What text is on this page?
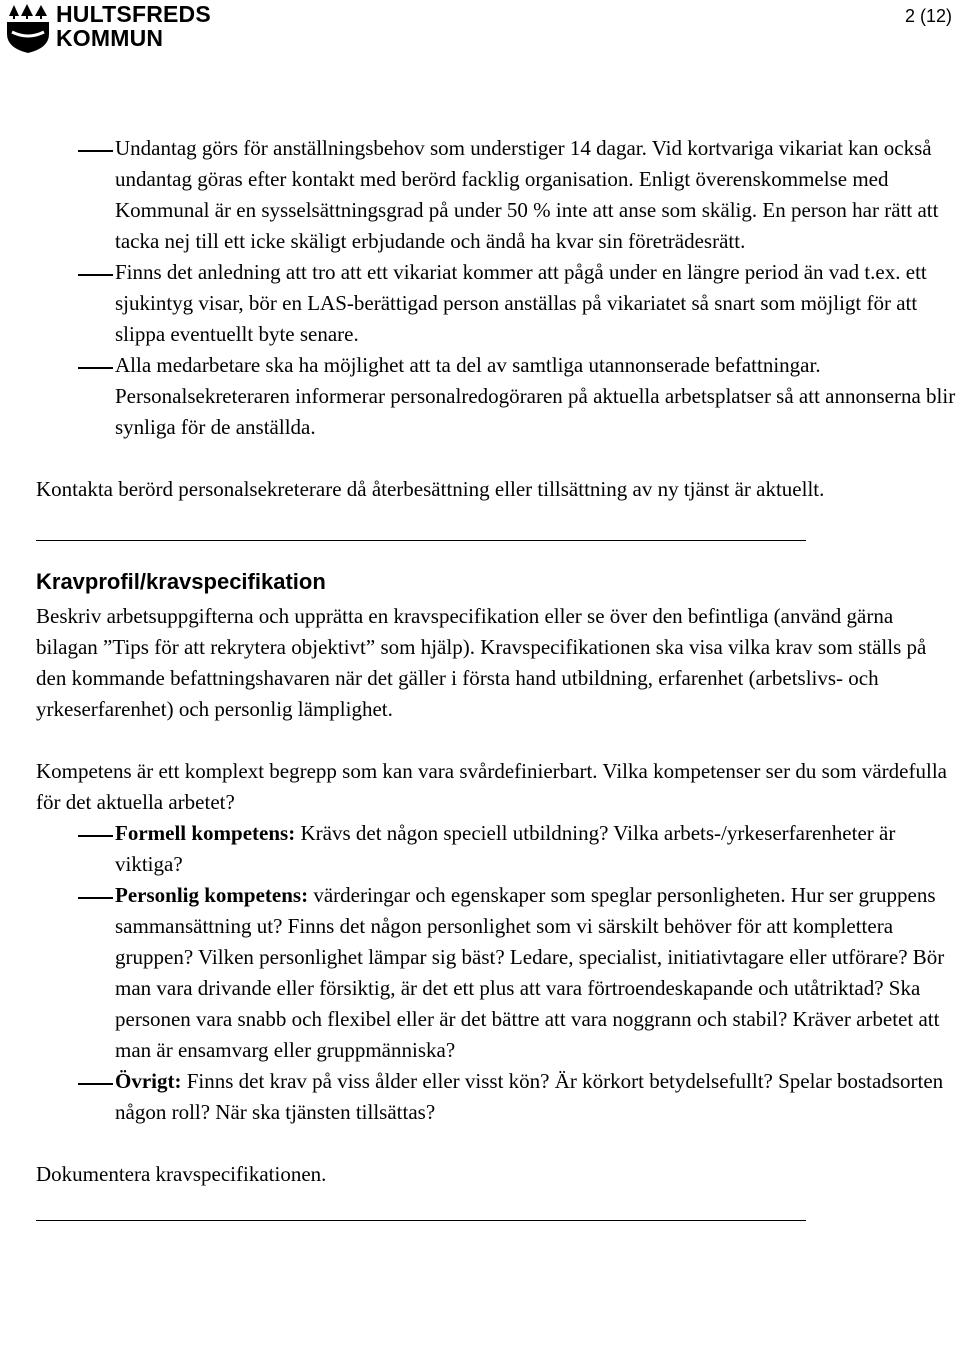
HULTSFREDS
KOMMUN
2 (12)
Undantag görs för anställningsbehov som understiger 14 dagar. Vid kortvariga vikariat kan också undantag göras efter kontakt med berörd facklig organisation. Enligt överenskommelse med Kommunal är en sysselsättningsgrad på under 50 % inte att anse som skälig. En person har rätt att tacka nej till ett icke skäligt erbjudande och ändå ha kvar sin företrädesrätt.
Finns det anledning att tro att ett vikariat kommer att pågå under en längre period än vad t.ex. ett sjukintyg visar, bör en LAS-berättigad person anställas på vikariatet så snart som möjligt för att slippa eventuellt byte senare.
Alla medarbetare ska ha möjlighet att ta del av samtliga utannonserade befattningar. Personalsekreteraren informerar personalredogöraren på aktuella arbetsplatser så att annonserna blir synliga för de anställda.

Kontakta berörd personalsekreterare då återbesättning eller tillsättning av ny tjänst är aktuellt.

Kravprofil/kravspecifikation

Beskriv arbetsuppgifterna och upprätta en kravspecifikation eller se över den befintliga (använd gärna bilagan ”Tips för att rekrytera objektivt” som hjälp). Kravspecifikationen ska visa vilka krav som ställs på den kommande befattningshavaren när det gäller i första hand utbildning, erfarenhet (arbetslivs- och yrkeserfarenhet) och personlig lämplighet.

Kompetens är ett komplext begrepp som kan vara svårdefinierbart. Vilka kompetenser ser du som värdefulla för det aktuella arbetet?

Formell kompetens: Krävs det någon speciell utbildning? Vilka arbets-/yrkeserfarenheter är viktiga?
Personlig kompetens: värderingar och egenskaper som speglar personligheten. Hur ser gruppens sammansättning ut? Finns det någon personlighet som vi särskilt behöver för att komplettera gruppen? Vilken personlighet lämpar sig bäst? Ledare, specialist, initiativtagare eller utförare? Bör man vara drivande eller försiktig, är det ett plus att vara förtroendeskapande och utåtriktad? Ska personen vara snabb och flexibel eller är det bättre att vara noggrann och stabil? Kräver arbetet att man är ensamvarg eller gruppmänniska?
Övrigt: Finns det krav på viss ålder eller visst kön? Är körkort betydelsefullt? Spelar bostadsorten någon roll? När ska tjänsten tillsättas?

Dokumentera kravspecifikationen.
